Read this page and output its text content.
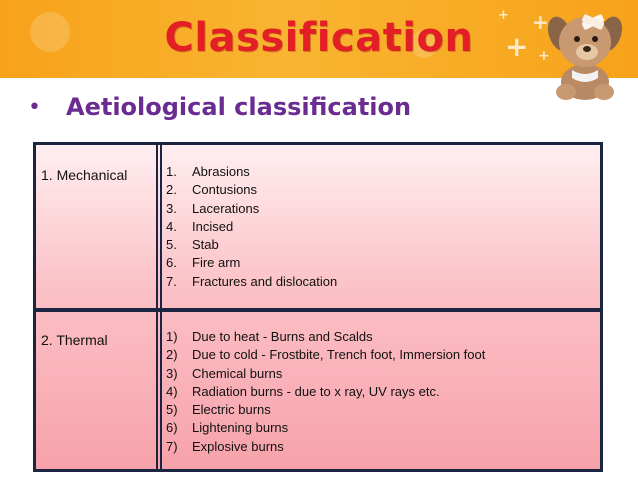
+
+
+
+
Classification
•	Aetiological classification
1. Mechanical	1.	Abrasions
2.	Contusions
3.	Lacerations
4.	Incised
5.	Stab
6.	Fire arm
7.	Fractures and dislocation
2. Thermal	1)	Due to heat - Burns and Scalds
2)	Due to cold - Frostbite, Trench foot, Immersion foot
3)	Chemical burns
4)	Radiation burns - due to x ray, UV rays etc.
5)	Electric burns
6)	Lightening burns
7)	Explosive burns
